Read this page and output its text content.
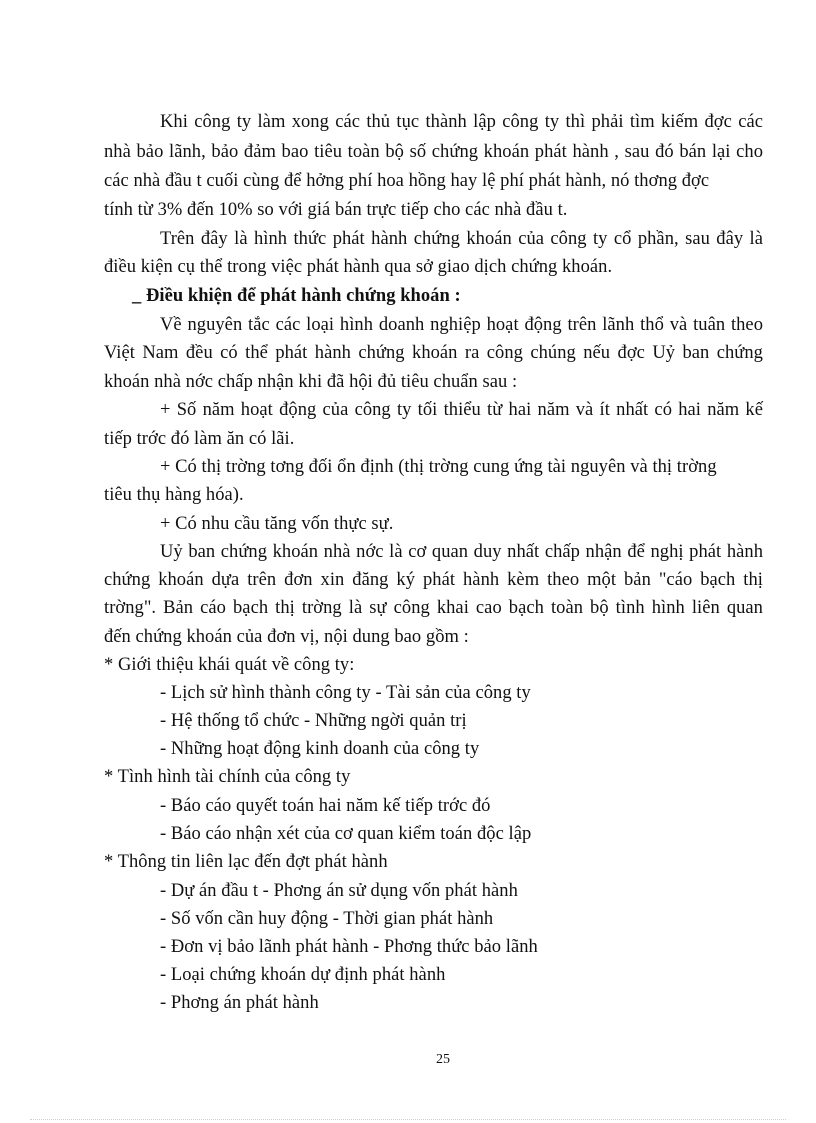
Khi công ty làm xong các thủ tục thành lập công ty thì phải tìm kiếm đợc các
nhà bảo lãnh, bảo đảm bao tiêu toàn bộ số chứng khoán phát hành , sau đó bán lại cho
các nhà đầu t cuối cùng để hởng phí hoa hồng hay lệ phí phát hành, nó thơng đợc
tính từ 3% đến 10% so với giá bán trực tiếp cho các nhà đầu t.
Trên đây là hình thức phát hành chứng khoán của công ty cổ phần, sau đây là
điều kiện cụ thể trong việc phát hành qua sở giao dịch chứng khoán.
_ Điều khiện để phát hành chứng khoán :
Về nguyên tắc các loại hình doanh nghiệp hoạt động trên lãnh thổ và tuân theo
Việt Nam đều có thể phát hành chứng khoán ra công chúng nếu đợc Uỷ ban chứng
khoán nhà nớc chấp nhận khi đã hội đủ tiêu chuẩn sau :
+ Số năm hoạt động của công ty tối thiểu từ hai năm và ít nhất có hai năm kế
tiếp trớc đó làm ăn có lãi.
+ Có thị trờng tơng đối ổn định (thị trờng cung ứng tài nguyên và thị trờng
tiêu thụ hàng hóa).
+ Có nhu cầu tăng vốn thực sự.
Uỷ ban chứng khoán nhà nớc là cơ quan duy nhất chấp nhận để nghị phát hành
chứng khoán dựa trên đơn xin đăng ký phát hành kèm theo một bản "cáo bạch thị
trờng". Bản cáo bạch thị trờng là sự công khai cao bạch toàn bộ tình hình liên quan
đến chứng khoán của đơn vị, nội dung bao gồm :
* Giới thiệu khái quát về công ty:
- Lịch sử hình thành công ty - Tài sản của công ty
- Hệ thống tổ chức - Những ngời quản trị
- Những hoạt động kinh doanh của công ty
* Tình hình tài chính của công ty
- Báo cáo quyết toán hai năm kế tiếp trớc đó
- Báo cáo nhận xét của cơ quan kiểm toán độc lập
* Thông tin liên lạc đến đợt phát hành
- Dự án đầu t - Phơng án sử dụng vốn phát hành
- Số vốn cần huy động - Thời gian phát hành
- Đơn vị bảo lãnh phát hành - Phơng thức bảo lãnh
- Loại chứng khoán dự định phát hành
- Phơng án phát hành
25
